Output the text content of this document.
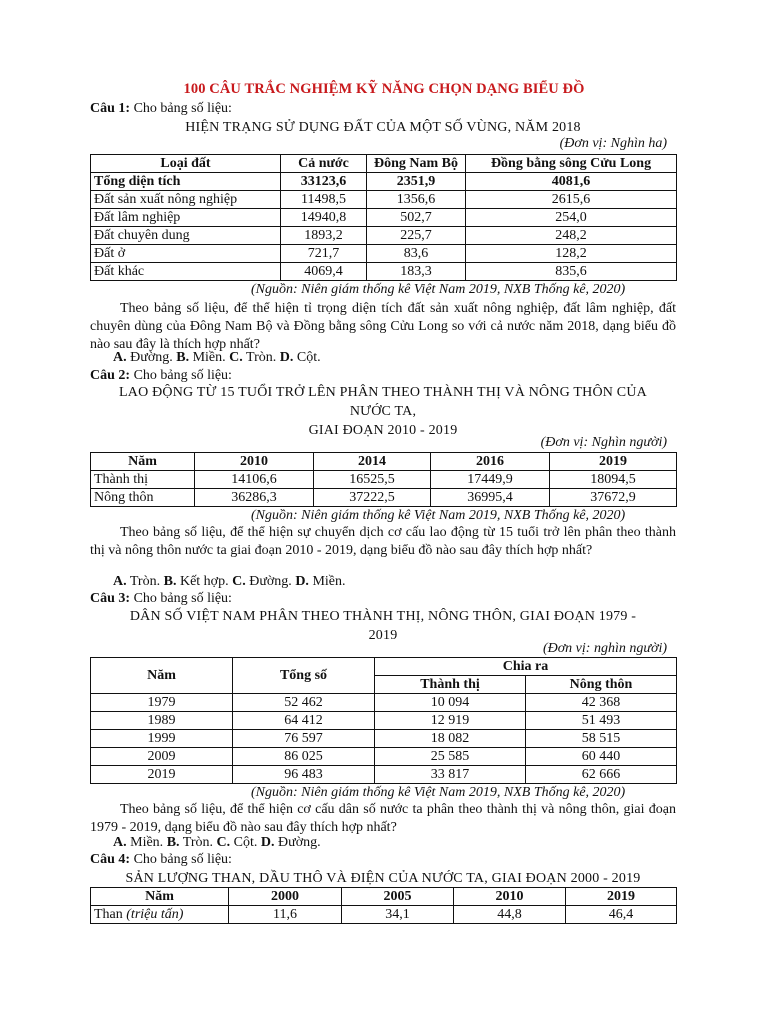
100 CÂU TRẮC NGHIỆM KỸ NĂNG CHỌN DẠNG BIỂU ĐỒ
Câu 1: Cho bảng số liệu:
HIỆN TRẠNG SỬ DỤNG ĐẤT CỦA MỘT SỐ VÙNG, NĂM 2018
(Đơn vị: Nghìn ha)
Loại đất	Cả nước	Đông Nam Bộ	Đồng bằng sông Cửu Long
Tổng diện tích	33123,6	2351,9	4081,6
Đất sản xuất nông nghiệp	11498,5	1356,6	2615,6
Đất lâm nghiệp	14940,8	502,7	254,0
Đất chuyên dung	1893,2	225,7	248,2
Đất ở	721,7	83,6	128,2
Đất khác	4069,4	183,3	835,6
(Nguồn: Niên giám thống kê Việt Nam 2019, NXB Thống kê, 2020)
Theo bảng số liệu, để thể hiện tỉ trọng diện tích đất sản xuất nông nghiệp, đất lâm nghiệp, đất chuyên dùng của Đông Nam Bộ và Đồng bằng sông Cửu Long so với cả nước năm 2018, dạng biểu đồ nào sau đây là thích hợp nhất?
A. Đường. B. Miền. C. Tròn. D. Cột.
Câu 2: Cho bảng số liệu:
LAO ĐỘNG TỪ 15 TUỔI TRỞ LÊN PHÂN THEO THÀNH THỊ VÀ NÔNG THÔN CỦA
NƯỚC TA,
GIAI ĐOẠN 2010 - 2019
(Đơn vị: Nghìn người)
Năm	2010	2014	2016	2019
Thành thị	14106,6	16525,5	17449,9	18094,5
Nông thôn	36286,3	37222,5	36995,4	37672,9
(Nguồn: Niên giám thống kê Việt Nam 2019, NXB Thống kê, 2020)
Theo bảng số liệu, để thể hiện sự chuyển dịch cơ cấu lao động từ 15 tuổi trở lên phân theo thành thị và nông thôn nước ta giai đoạn 2010 - 2019, dạng biểu đồ nào sau đây thích hợp nhất?
A. Tròn. B. Kết hợp. C. Đường. D. Miền.
Câu 3: Cho bảng số liệu:
DÂN SỐ VIỆT NAM PHÂN THEO THÀNH THỊ, NÔNG THÔN, GIAI ĐOẠN 1979 -
2019
(Đơn vị: nghìn người)
Năm	Tổng số	Chia ra	
		Thành thị	Nông thôn
1979	52 462	10 094	42 368
1989	64 412	12 919	51 493
1999	76 597	18 082	58 515
2009	86 025	25 585	60 440
2019	96 483	33 817	62 666
(Nguồn: Niên giám thống kê Việt Nam 2019, NXB Thống kê, 2020)
Theo bảng số liệu, để thể hiện cơ cấu dân số nước ta phân theo thành thị và nông thôn, giai đoạn 1979 - 2019, dạng biểu đồ nào sau đây thích hợp nhất?
A. Miền. B. Tròn. C. Cột. D. Đường.
Câu 4: Cho bảng số liệu:
SẢN LƯỢNG THAN, DẦU THÔ VÀ ĐIỆN CỦA NƯỚC TA, GIAI ĐOẠN 2000 - 2019
Năm	2000	2005	2010	2019
Than (triệu tấn)	11,6	34,1	44,8	46,4
